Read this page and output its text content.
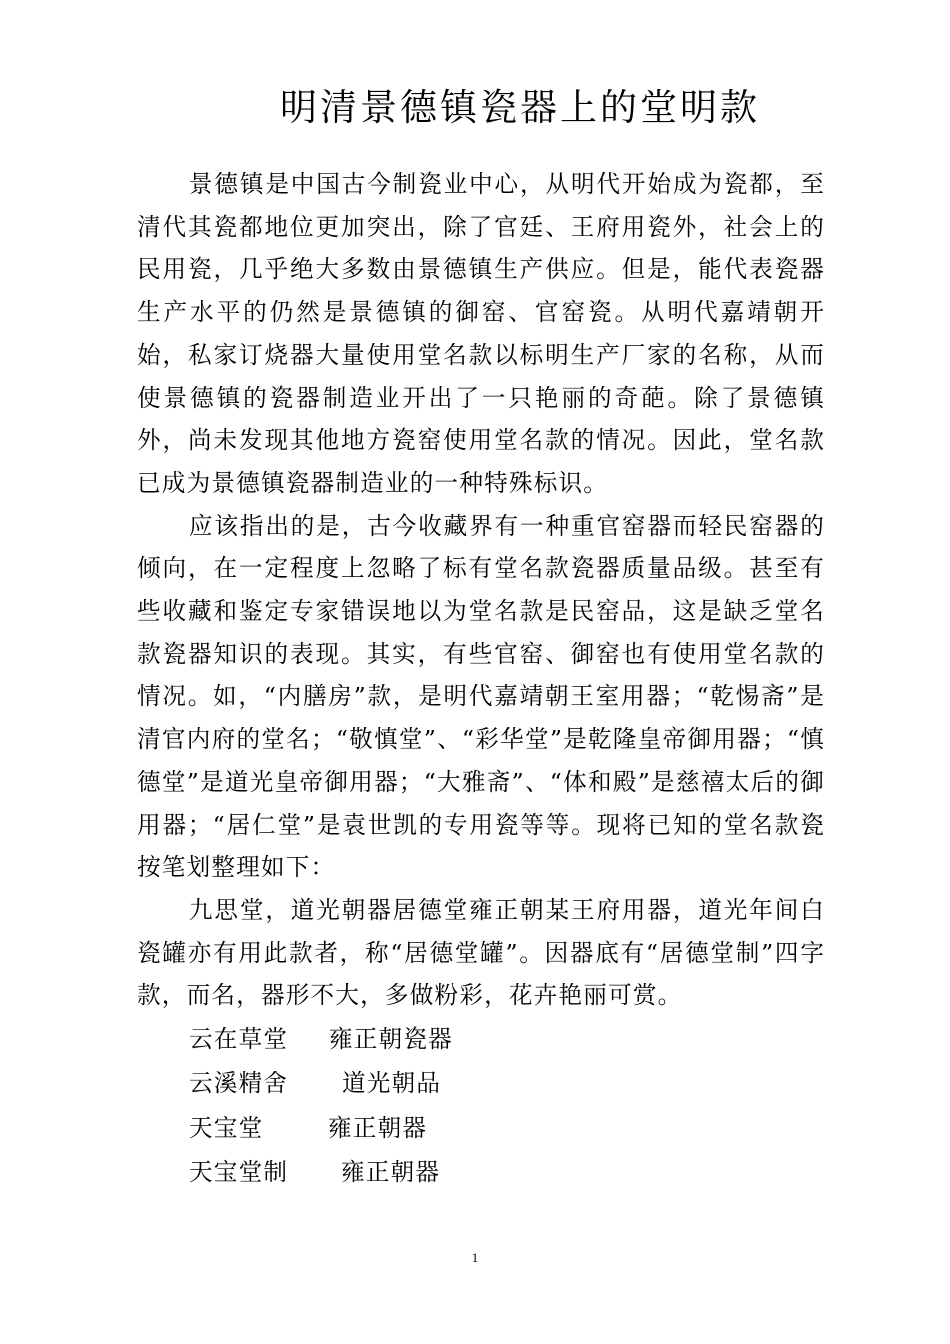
明清景德镇瓷器上的堂明款

景德镇是中国古今制瓷业中心，从明代开始成为瓷都，至清代其瓷都地位更加突出，除了官廷、王府用瓷外，社会上的民用瓷，几乎绝大多数由景德镇生产供应。但是，能代表瓷器生产水平的仍然是景德镇的御窑、官窑瓷。从明代嘉靖朝开始，私家订烧器大量使用堂名款以标明生产厂家的名称，从而使景德镇的瓷器制造业开出了一只艳丽的奇葩。除了景德镇外，尚未发现其他地方瓷窑使用堂名款的情况。因此，堂名款已成为景德镇瓷器制造业的一种特殊标识。

应该指出的是，古今收藏界有一种重官窑器而轻民窑器的倾向，在一定程度上忽略了标有堂名款瓷器质量品级。甚至有些收藏和鉴定专家错误地以为堂名款是民窑品，这是缺乏堂名款瓷器知识的表现。其实，有些官窑、御窑也有使用堂名款的情况。如，“内膳房”款，是明代嘉靖朝王室用器；“乾惕斋”是清官内府的堂名；“敬慎堂”、“彩华堂”是乾隆皇帝御用器；“慎德堂”是道光皇帝御用器；“大雅斋”、“体和殿”是慈禧太后的御用器；“居仁堂”是袁世凯的专用瓷等等。现将已知的堂名款瓷按笔划整理如下：

九思堂，道光朝器居德堂雍正朝某王府用器，道光年间白瓷罐亦有用此款者，称“居德堂罐”。因器底有“居德堂制”四字款，而名，器形不大，多做粉彩，花卉艳丽可赏。

云在草堂 雍正朝瓷器
云溪精舍 道光朝品
天宝堂	雍正朝器
天宝堂制 雍正朝器
1
